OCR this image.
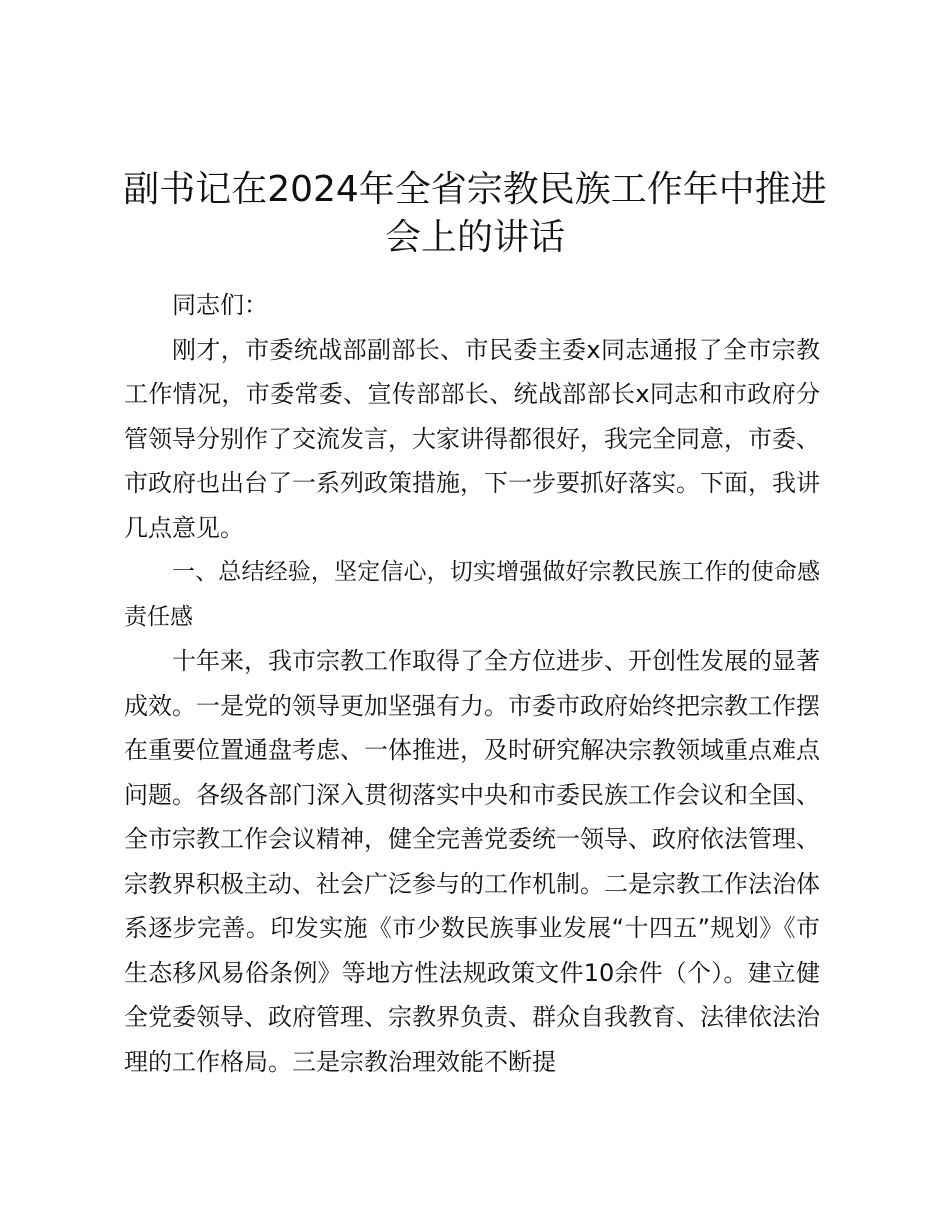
副书记在2024年全省宗教民族工作年中推进
会上的讲话

同志们：

刚才，市委统战部副部长、市民委主委x同志通报了全市宗教工作情况，市委常委、宣传部部长、统战部部长x同志和市政府分管领导分别作了交流发言，大家讲得都很好，我完全同意，市委、市政府也出台了一系列政策措施，下一步要抓好落实。下面，我讲几点意见。

一、总结经验，坚定信心，切实增强做好宗教民族工作的使命感责任感

十年来，我市宗教工作取得了全方位进步、开创性发展的显著成效。一是党的领导更加坚强有力。市委市政府始终把宗教工作摆在重要位置通盘考虑、一体推进，及时研究解决宗教领域重点难点问题。各级各部门深入贯彻落实中央和市委民族工作会议和全国、全市宗教工作会议精神，健全完善党委统一领导、政府依法管理、宗教界积极主动、社会广泛参与的工作机制。二是宗教工作法治体系逐步完善。印发实施《市少数民族事业发展“十四五”规划》《市生态移风易俗条例》等地方性法规政策文件10余件（个）。建立健全党委领导、政府管理、宗教界负责、群众自我教育、法律依法治理的工作格局。三是宗教治理效能不断提
